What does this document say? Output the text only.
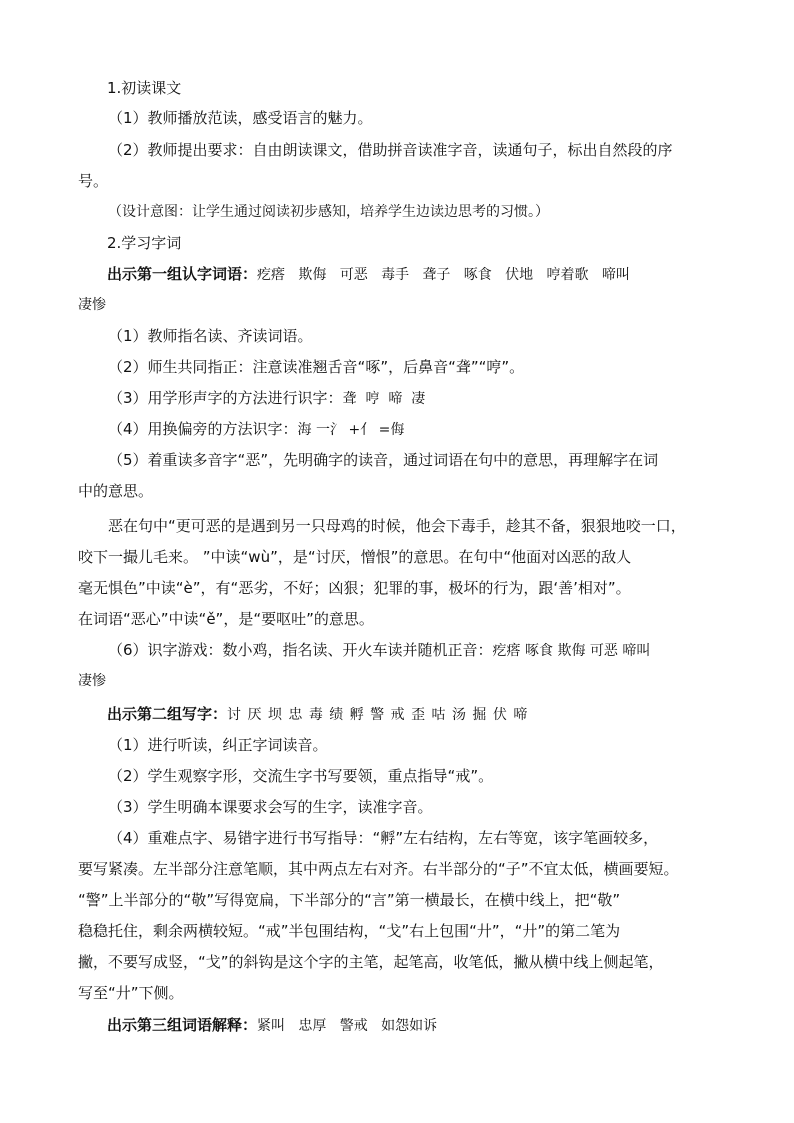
1.初读课文
（1）教师播放范读，感受语言的魅力。
（2）教师提出要求：自由朗读课文，借助拼音读准字音，读通句子，标出自然段的序
号。
（设计意图：让学生通过阅读初步感知，培养学生边读边思考的习惯。）
2.学习字词
出示第一组认字词语：疙瘩   欺侮   可恶   毒手   聋子   啄食   伏地   哼着歌   啼叫
凄惨
（1）教师指名读、齐读词语。
（2）师生共同指正：注意读准翘舌音“啄”，后鼻音“聋”“哼”。
（3）用学形声字的方法进行识字：聋  哼  啼  凄
（4）用换偏旁的方法识字：海 一氵 +亻 =侮
（5）着重读多音字“恶”，先明确字的读音，通过词语在句中的意思，再理解字在词
中的意思。
恶在句中“更可恶的是遇到另一只母鸡的时候，他会下毒手，趁其不备，狠狠地咬一口，
咬下一撮儿毛来。 ”中读“wù”，是“讨厌，憎恨”的意思。在句中“他面对凶恶的敌人
毫无惧色”中读“è”，有“恶劣，不好；凶狠；犯罪的事，极坏的行为，跟‘善’相对”。
在词语“恶心”中读“ě”，是“要呕吐”的意思。
（6）识字游戏：数小鸡，指名读、开火车读并随机正音：疙瘩 啄食 欺侮 可恶 啼叫
凄惨
出示第二组写字：讨 厌 坝 忠 毒 绩 孵 警 戒 歪 咕 汤 掘 伏 啼
（1）进行听读，纠正字词读音。
（2）学生观察字形，交流生字书写要领，重点指导“戒”。
（3）学生明确本课要求会写的生字，读准字音。
（4）重难点字、易错字进行书写指导：“孵”左右结构，左右等宽，该字笔画较多，
要写紧凑。左半部分注意笔顺，其中两点左右对齐。右半部分的“子”不宜太低，横画要短。
“警”上半部分的“敬”写得宽扁，下半部分的“言”第一横最长，在横中线上，把“敬”
稳稳托住，剩余两横较短。“戒”半包围结构，“戈”右上包围“廾”，“廾”的第二笔为
撇，不要写成竖，“戈”的斜钩是这个字的主笔，起笔高，收笔低，撇从横中线上侧起笔，
写至“廾”下侧。
出示第三组词语解释：紧叫   忠厚   警戒   如怨如诉
